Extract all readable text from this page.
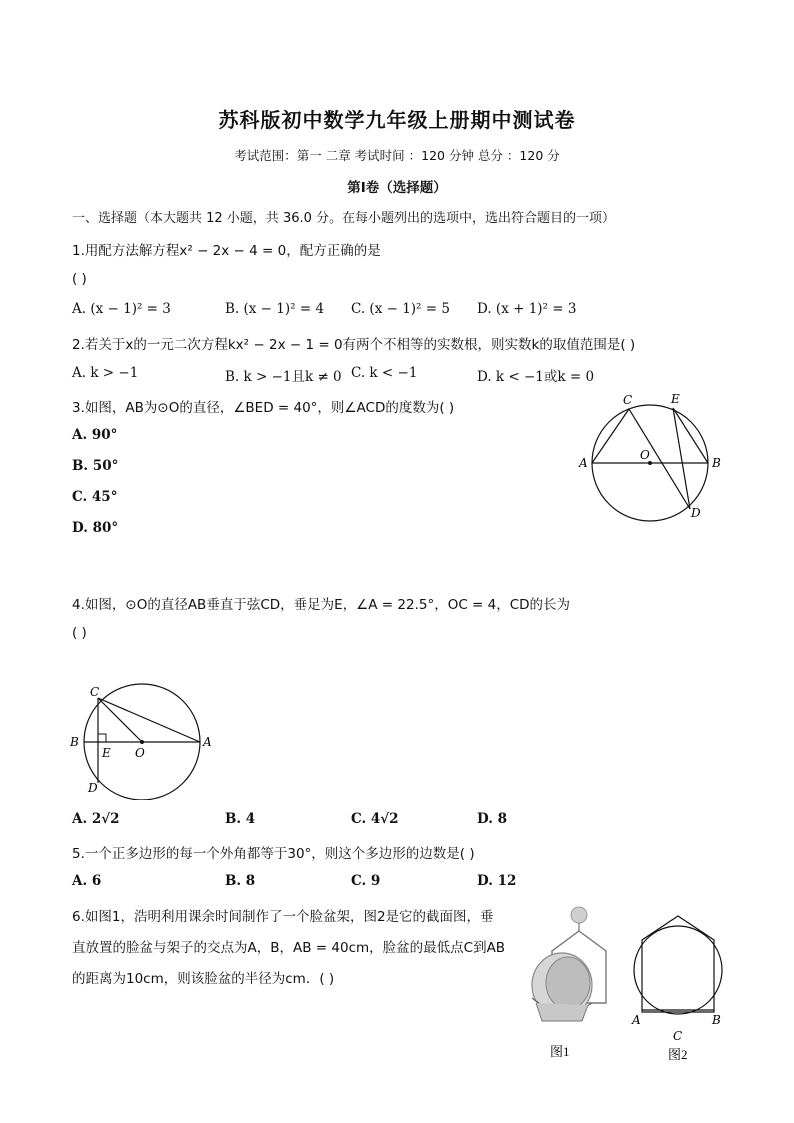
苏科版初中数学九年级上册期中测试卷
考试范围：第一 二章 考试时间 ：120 分钟 总分 ：120 分
第Ⅰ卷（选择题）
一、选择题（本大题共 12 小题，共 36.0 分。在每小题列出的选项中，选出符合题目的一项）
1.用配方法解方程x² − 2x − 4 = 0，配方正确的是
( )
A. (x − 1)² = 3	B. (x − 1)² = 4 C. (x − 1)² = 5 D. (x + 1)² = 3
2.若关于x的一元二次方程kx² − 2x − 1 = 0有两个不相等的实数根，则实数k的取值范围是( )
A. k > −1	B. k > −1且k ≠ 0 C. k < −1	D. k < −1或k = 0
3.如图，AB为⊙O的直径，∠BED = 40°，则∠ACD的度数为( )
A. 90°
B. 50°
C. 45°
D. 80°
A	B
C	E
D
O
4.如图，⊙O的直径AB垂直于弦CD，垂足为E，∠A = 22.5°，OC = 4，CD的长为
( )
B	A
C
D
E O
A. 2√2	B. 4	C. 4√2	D. 8
5.一个正多边形的每一个外角都等于30°，则这个多边形的边数是( )
A. 6	B. 8	C. 9	D. 12
6.如图1，浩明利用课余时间制作了一个脸盆架，图2是它的截面图，垂
直放置的脸盆与架子的交点为A，B，AB = 40cm，脸盆的最低点C到AB
的距离为10cm，则该脸盆的半径为cm．( )
图1
A	B
C
图2
